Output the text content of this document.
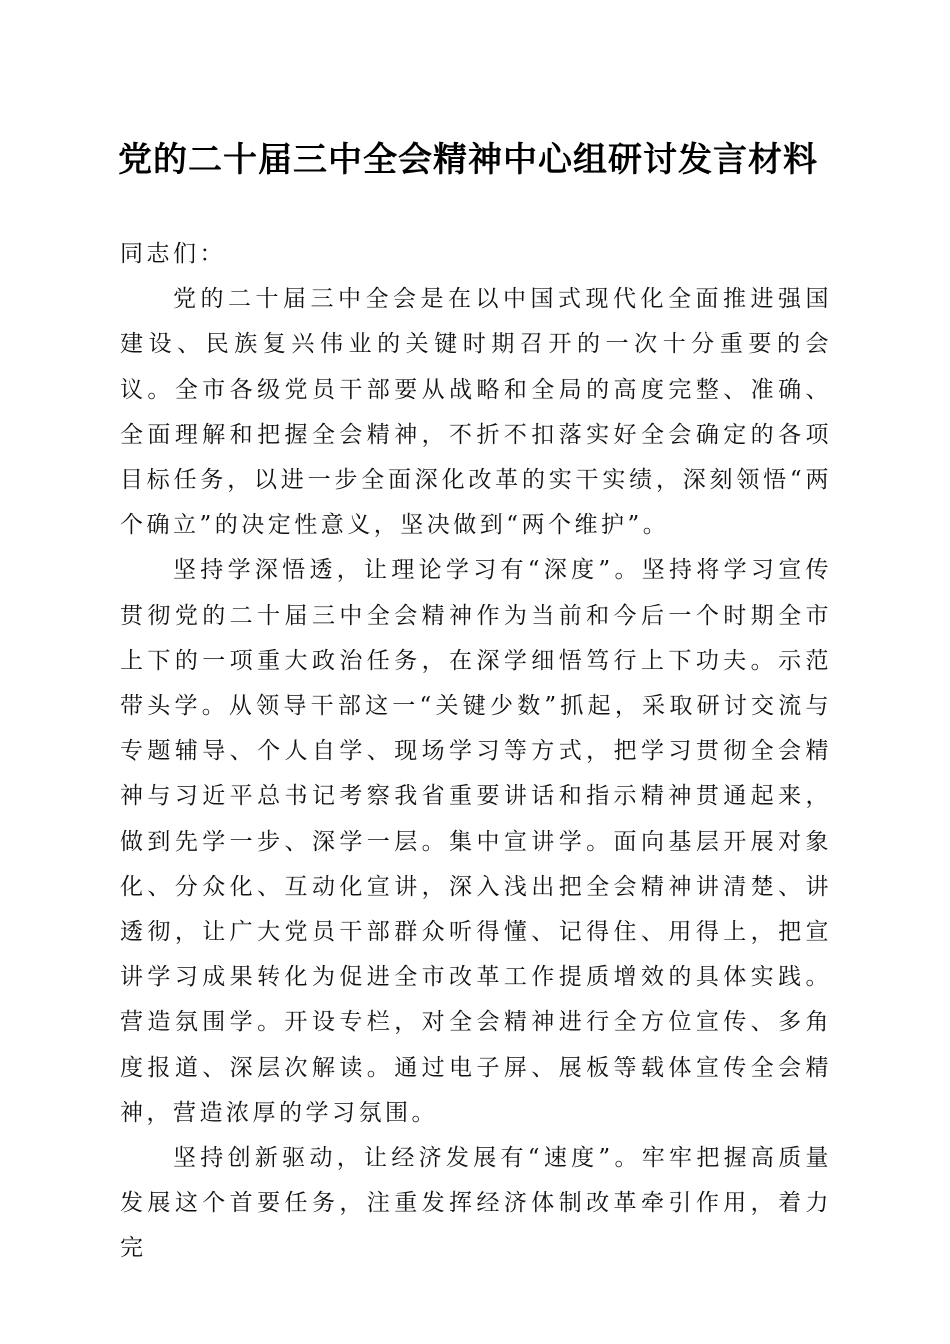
党的二十届三中全会精神中心组研讨发言材料

同志们：

党的二十届三中全会是在以中国式现代化全面推进强国建设、民族复兴伟业的关键时期召开的一次十分重要的会议。全市各级党员干部要从战略和全局的高度完整、准确、全面理解和把握全会精神，不折不扣落实好全会确定的各项目标任务，以进一步全面深化改革的实干实绩，深刻领悟“两个确立”的决定性意义，坚决做到“两个维护”。

坚持学深悟透，让理论学习有“深度”。坚持将学习宣传贯彻党的二十届三中全会精神作为当前和今后一个时期全市上下的一项重大政治任务，在深学细悟笃行上下功夫。示范带头学。从领导干部这一“关键少数”抓起，采取研讨交流与专题辅导、个人自学、现场学习等方式，把学习贯彻全会精神与习近平总书记考察我省重要讲话和指示精神贯通起来，做到先学一步、深学一层。集中宣讲学。面向基层开展对象化、分众化、互动化宣讲，深入浅出把全会精神讲清楚、讲透彻，让广大党员干部群众听得懂、记得住、用得上，把宣讲学习成果转化为促进全市改革工作提质增效的具体实践。营造氛围学。开设专栏，对全会精神进行全方位宣传、多角度报道、深层次解读。通过电子屏、展板等载体宣传全会精神，营造浓厚的学习氛围。

坚持创新驱动，让经济发展有“速度”。牢牢把握高质量发展这个首要任务，注重发挥经济体制改革牵引作用，着力完
